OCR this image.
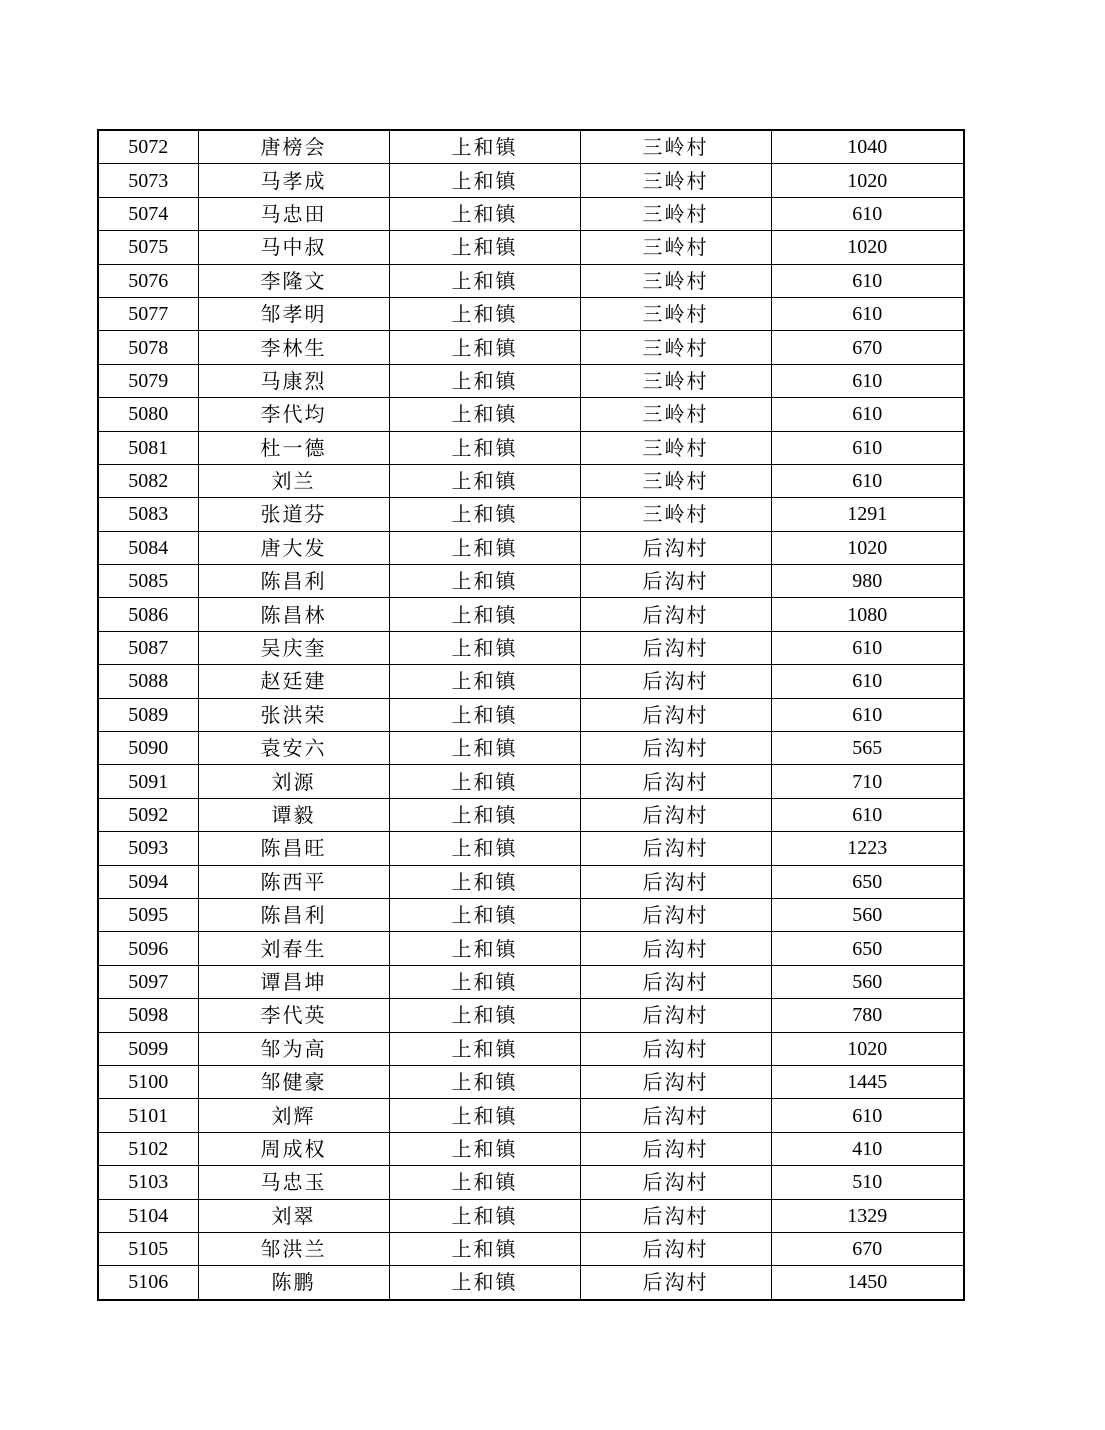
5072	唐榜会	上和镇	三岭村	1040
5073	马孝成	上和镇	三岭村	1020
5074	马忠田	上和镇	三岭村	610
5075	马中叔	上和镇	三岭村	1020
5076	李隆文	上和镇	三岭村	610
5077	邹孝明	上和镇	三岭村	610
5078	李林生	上和镇	三岭村	670
5079	马康烈	上和镇	三岭村	610
5080	李代均	上和镇	三岭村	610
5081	杜一德	上和镇	三岭村	610
5082	刘兰	上和镇	三岭村	610
5083	张道芬	上和镇	三岭村	1291
5084	唐大发	上和镇	后沟村	1020
5085	陈昌利	上和镇	后沟村	980
5086	陈昌林	上和镇	后沟村	1080
5087	吴庆奎	上和镇	后沟村	610
5088	赵廷建	上和镇	后沟村	610
5089	张洪荣	上和镇	后沟村	610
5090	袁安六	上和镇	后沟村	565
5091	刘源	上和镇	后沟村	710
5092	谭毅	上和镇	后沟村	610
5093	陈昌旺	上和镇	后沟村	1223
5094	陈西平	上和镇	后沟村	650
5095	陈昌利	上和镇	后沟村	560
5096	刘春生	上和镇	后沟村	650
5097	谭昌坤	上和镇	后沟村	560
5098	李代英	上和镇	后沟村	780
5099	邹为高	上和镇	后沟村	1020
5100	邹健豪	上和镇	后沟村	1445
5101	刘辉	上和镇	后沟村	610
5102	周成权	上和镇	后沟村	410
5103	马忠玉	上和镇	后沟村	510
5104	刘翠	上和镇	后沟村	1329
5105	邹洪兰	上和镇	后沟村	670
5106	陈鹏	上和镇	后沟村	1450
